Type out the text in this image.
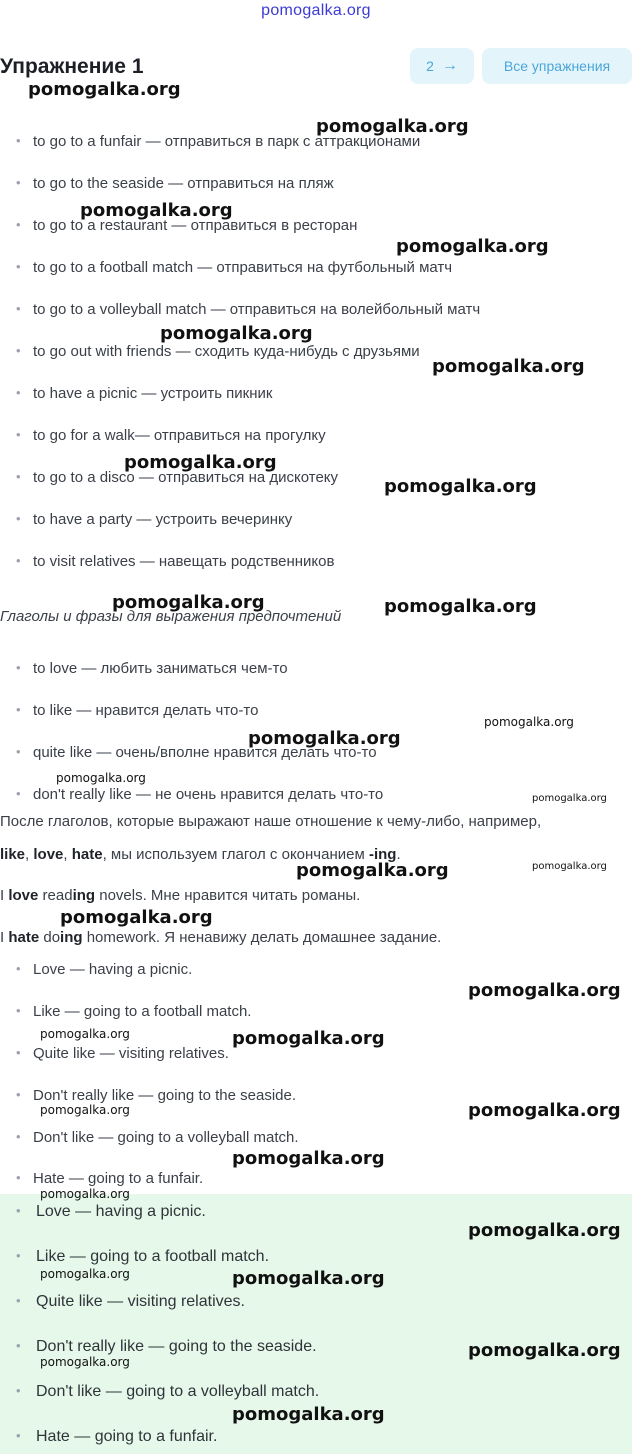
pomogalka.org
Упражнение 1	2 →	Все упражнения
• to go to a funfair — отправиться в парк с аттракционами
• to go to the seaside — отправиться на пляж
• to go to a restaurant — отправиться в ресторан
• to go to a football match — отправиться на футбольный матч
• to go to a volleyball match — отправиться на волейбольный матч
• to go out with friends — сходить куда-нибудь с друзьями
• to have a picnic — устроить пикник
• to go for a walk— отправиться на прогулку
• to go to a disco — отправиться на дискотеку
• to have a party — устроить вечеринку
• to visit relatives — навещать родственников
Глаголы и фразы для выражения предпочтений
• to love — любить заниматься чем-то
• to like — нравится делать что-то
• quite like — очень/вполне нравится делать что-то
• don't really like — не очень нравится делать что-то
После глаголов, которые выражают наше отношение к чему-либо, например,
like, love, hate, мы используем глагол с окончанием -ing.
I love reading novels. Мне нравится читать романы.
I hate doing homework. Я ненавижу делать домашнее задание.
• Love — having a picnic.
• Like — going to a football match.
• Quite like — visiting relatives.
• Don't really like — going to the seaside.
• Don't like — going to a volleyball match.
• Hate — going to a funfair.
• Love — having a picnic.
• Like — going to a football match.
• Quite like — visiting relatives.
• Don't really like — going to the seaside.
• Don't like — going to a volleyball match.
• Hate — going to a funfair.
pomogalka.org
pomogalka.org
pomogalka.org
pomogalka.org
pomogalka.org
pomogalka.org
pomogalka.org
pomogalka.org
pomogalka.org	pomogalka.org
pomogalka.org
pomogalka.org
pomogalka.org
pomogalka.org
pomogalka.org
pomogalka.org
pomogalka.org
pomogalka.org
pomogalka.org	pomogalka.org
pomogalka.org
pomogalka.org
pomogalka.org
pomogalka.org
pomogalka.org
pomogalka.org	pomogalka.org
pomogalka.org
pomogalka.org
pomogalka.org
